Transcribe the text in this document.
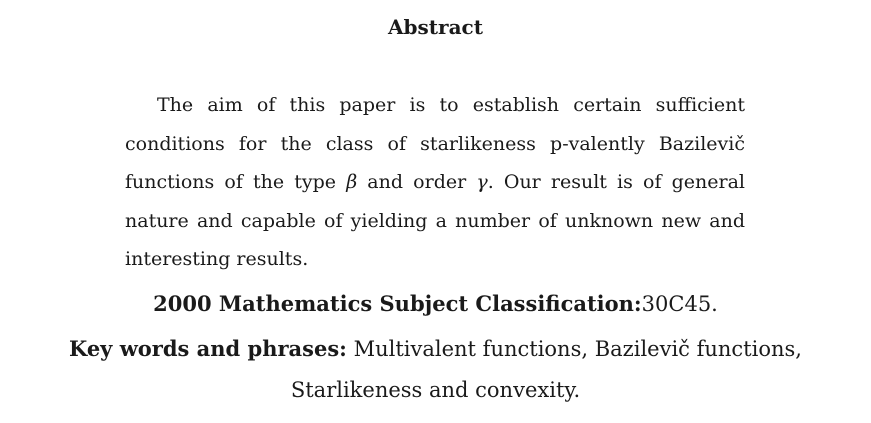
Abstract

The aim of this paper is to establish certain sufficient conditions for the class of starlikeness p-valently Bazilevič functions of the type β and order γ. Our result is of general nature and capable of yielding a number of unknown new and interesting results.

2000 Mathematics Subject Classification:30C45.
Key words and phrases: Multivalent functions, Bazilevič functions,
Starlikeness and convexity.
